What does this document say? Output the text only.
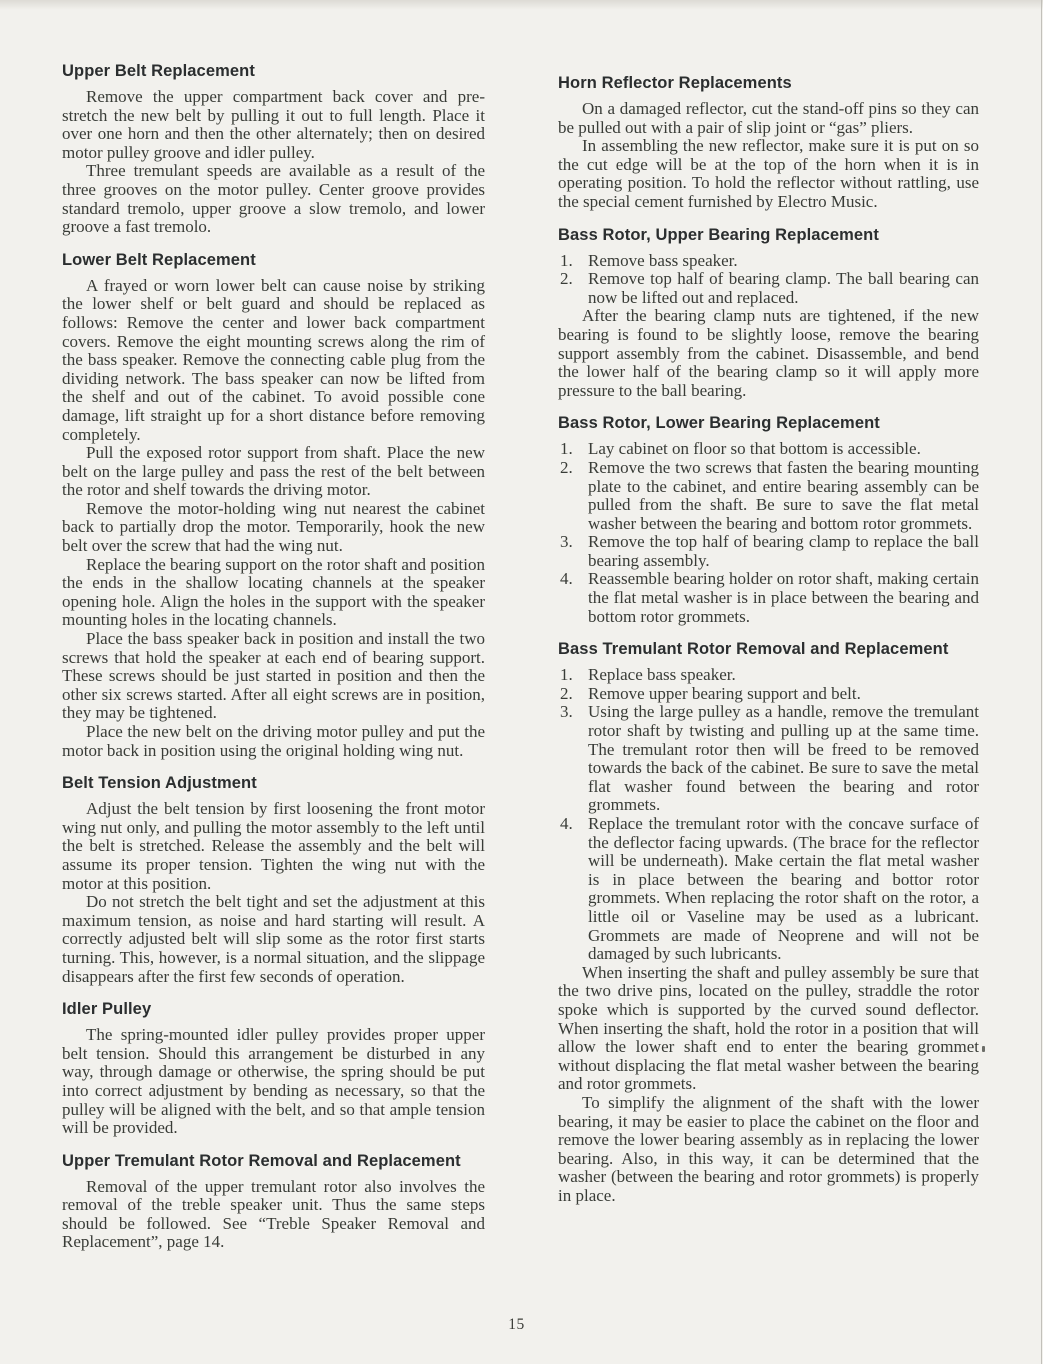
Upper Belt Replacement

Remove the upper compartment back cover and pre-stretch the new belt by pulling it out to full length. Place it over one horn and then the other alternately; then on desired motor pulley groove and idler pulley.

Three tremulant speeds are available as a result of the three grooves on the motor pulley. Center groove provides standard tremolo, upper groove a slow tremolo, and lower groove a fast tremolo.

Lower Belt Replacement

A frayed or worn lower belt can cause noise by striking the lower shelf or belt guard and should be replaced as follows: Remove the center and lower back compartment covers. Remove the eight mounting screws along the rim of the bass speaker. Remove the connecting cable plug from the dividing network. The bass speaker can now be lifted from the shelf and out of the cabinet. To avoid possible cone damage, lift straight up for a short distance before removing completely.

Pull the exposed rotor support from shaft. Place the new belt on the large pulley and pass the rest of the belt between the rotor and shelf towards the driving motor.

Remove the motor-holding wing nut nearest the cabinet back to partially drop the motor. Temporarily, hook the new belt over the screw that had the wing nut.

Replace the bearing support on the rotor shaft and position the ends in the shallow locating channels at the speaker opening hole. Align the holes in the support with the speaker mounting holes in the locating channels.

Place the bass speaker back in position and install the two screws that hold the speaker at each end of bearing support. These screws should be just started in position and then the other six screws started. After all eight screws are in position, they may be tightened.

Place the new belt on the driving motor pulley and put the motor back in position using the original holding wing nut.

Belt Tension Adjustment

Adjust the belt tension by first loosening the front motor wing nut only, and pulling the motor assembly to the left until the belt is stretched. Release the assembly and the belt will assume its proper tension. Tighten the wing nut with the motor at this position.

Do not stretch the belt tight and set the adjustment at this maximum tension, as noise and hard starting will result. A correctly adjusted belt will slip some as the rotor first starts turning. This, however, is a normal situation, and the slippage disappears after the first few seconds of operation.

Idler Pulley

The spring-mounted idler pulley provides proper upper belt tension. Should this arrangement be disturbed in any way, through damage or otherwise, the spring should be put into correct adjustment by bending as necessary, so that the pulley will be aligned with the belt, and so that ample tension will be provided.

Upper Tremulant Rotor Removal and Replacement

Removal of the upper tremulant rotor also involves the removal of the treble speaker unit. Thus the same steps should be followed. See “Treble Speaker Removal and Replacement”, page 14.

Horn Reflector Replacements

On a damaged reflector, cut the stand-off pins so they can be pulled out with a pair of slip joint or “gas” pliers.

In assembling the new reflector, make sure it is put on so the cut edge will be at the top of the horn when it is in operating position. To hold the reflector without rattling, use the special cement furnished by Electro Music.

Bass Rotor, Upper Bearing Replacement
1. Remove bass speaker.
2. Remove top half of bearing clamp. The ball bearing can now be lifted out and replaced.

After the bearing clamp nuts are tightened, if the new bearing is found to be slightly loose, remove the bearing support assembly from the cabinet. Disassemble, and bend the lower half of the bearing clamp so it will apply more pressure to the ball bearing.

Bass Rotor, Lower Bearing Replacement
1. Lay cabinet on floor so that bottom is accessible.
2. Remove the two screws that fasten the bearing mounting plate to the cabinet, and entire bearing assembly can be pulled from the shaft. Be sure to save the flat metal washer between the bearing and bottom rotor grommets.
3. Remove the top half of bearing clamp to replace the ball bearing assembly.
4. Reassemble bearing holder on rotor shaft, making certain the flat metal washer is in place between the bearing and bottom rotor grommets.
Bass Tremulant Rotor Removal and Replacement
1. Replace bass speaker.
2. Remove upper bearing support and belt.
3. Using the large pulley as a handle, remove the tremulant rotor shaft by twisting and pulling up at the same time. The tremulant rotor then will be freed to be removed towards the back of the cabinet. Be sure to save the metal flat washer found between the bearing and rotor grommets.
4. Replace the tremulant rotor with the concave surface of the deflector facing upwards. (The brace for the reflector will be underneath). Make certain the flat metal washer is in place between the bearing and bottor rotor grommets. When replacing the rotor shaft on the rotor, a little oil or Vaseline may be used as a lubricant. Grommets are made of Neoprene and will not be damaged by such lubricants.

When inserting the shaft and pulley assembly be sure that the two drive pins, located on the pulley, straddle the rotor spoke which is supported by the curved sound deflector. When inserting the shaft, hold the rotor in a position that will allow the lower shaft end to enter the bearing grommet without displacing the flat metal washer between the bearing and rotor grommets.

To simplify the alignment of the shaft with the lower bearing, it may be easier to place the cabinet on the floor and remove the lower bearing assembly as in replacing the lower bearing. Also, in this way, it can be determined that the washer (between the bearing and rotor grommets) is properly in place.

15
